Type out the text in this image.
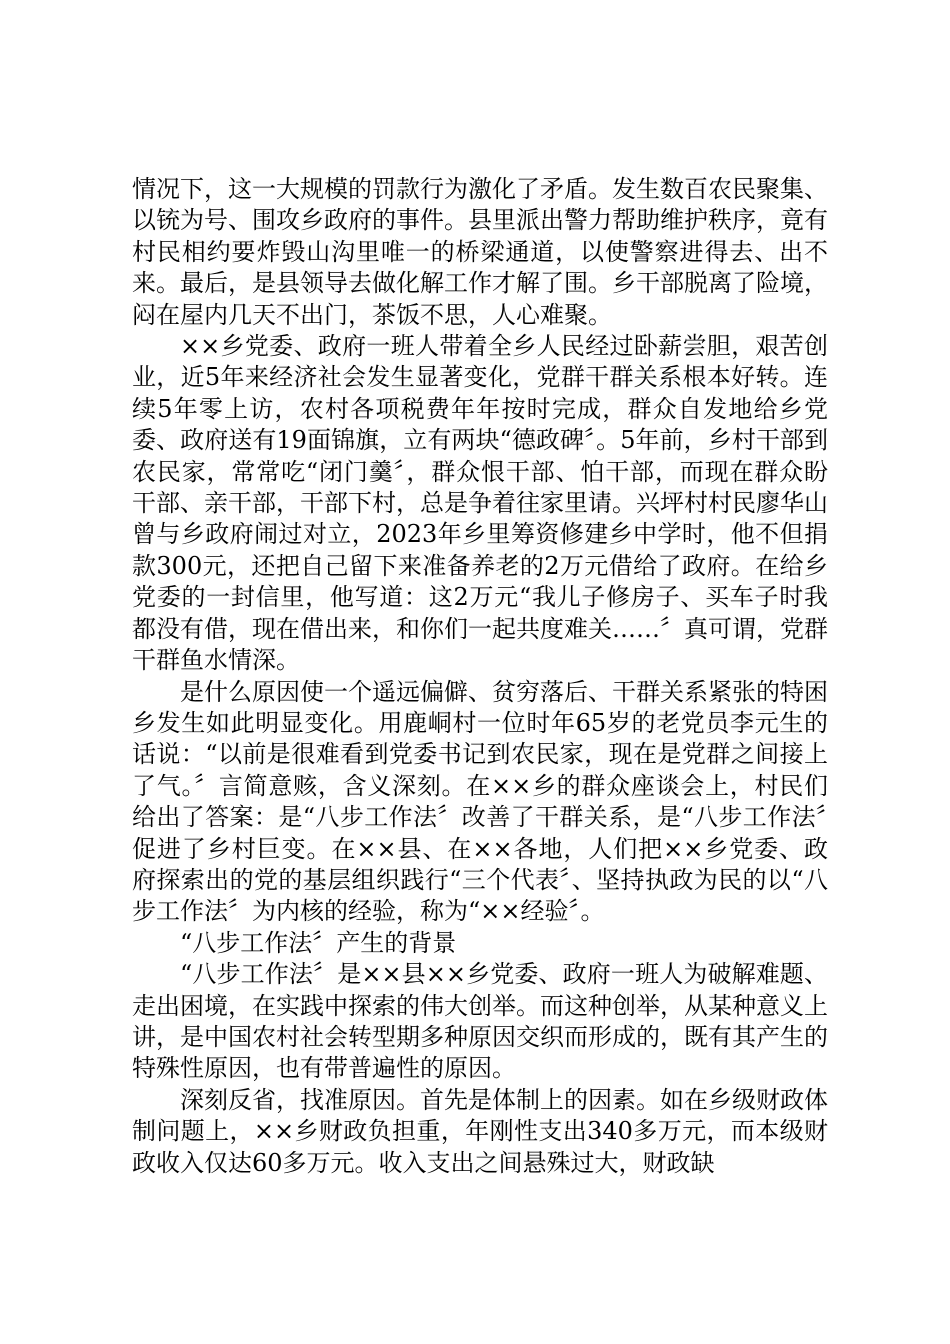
情况下，这一大规模的罚款行为激化了矛盾。发生数百农民聚集、以铳为号、围攻乡政府的事件。县里派出警力帮助维护秩序，竟有村民相约要炸毁山沟里唯一的桥梁通道，以使警察进得去、出不来。最后，是县领导去做化解工作才解了围。乡干部脱离了险境，闷在屋内几天不出门，茶饭不思，人心难聚。

××乡党委、政府一班人带着全乡人民经过卧薪尝胆，艰苦创业，近5年来经济社会发生显著变化，党群干群关系根本好转。连续5年零上访，农村各项税费年年按时完成，群众自发地给乡党委、政府送有19面锦旗，立有两块“德政碑〞。5年前，乡村干部到农民家，常常吃“闭门羹〞，群众恨干部、怕干部，而现在群众盼干部、亲干部，干部下村，总是争着往家里请。兴坪村村民廖华山曾与乡政府闹过对立，2023年乡里筹资修建乡中学时，他不但捐款300元，还把自己留下来准备养老的2万元借给了政府。在给乡党委的一封信里，他写道：这2万元“我儿子修房子、买车子时我都没有借，现在借出来，和你们一起共度难关……〞真可谓，党群干群鱼水情深。

是什么原因使一个遥远偏僻、贫穷落后、干群关系紧张的特困乡发生如此明显变化。用鹿峒村一位时年65岁的老党员李元生的话说：“以前是很难看到党委书记到农民家，现在是党群之间接上了气。〞言简意赅，含义深刻。在××乡的群众座谈会上，村民们给出了答案：是“八步工作法〞改善了干群关系，是“八步工作法〞促进了乡村巨变。在××县、在××各地，人们把××乡党委、政府探索出的党的基层组织践行“三个代表〞、坚持执政为民的以“八步工作法〞为内核的经验，称为“××经验〞。

“八步工作法〞产生的背景

“八步工作法〞是××县××乡党委、政府一班人为破解难题、走出困境，在实践中探索的伟大创举。而这种创举，从某种意义上讲，是中国农村社会转型期多种原因交织而形成的，既有其产生的特殊性原因，也有带普遍性的原因。

深刻反省，找准原因。首先是体制上的因素。如在乡级财政体制问题上，××乡财政负担重，年刚性支出340多万元，而本级财政收入仅达60多万元。收入支出之间悬殊过大，财政缺
